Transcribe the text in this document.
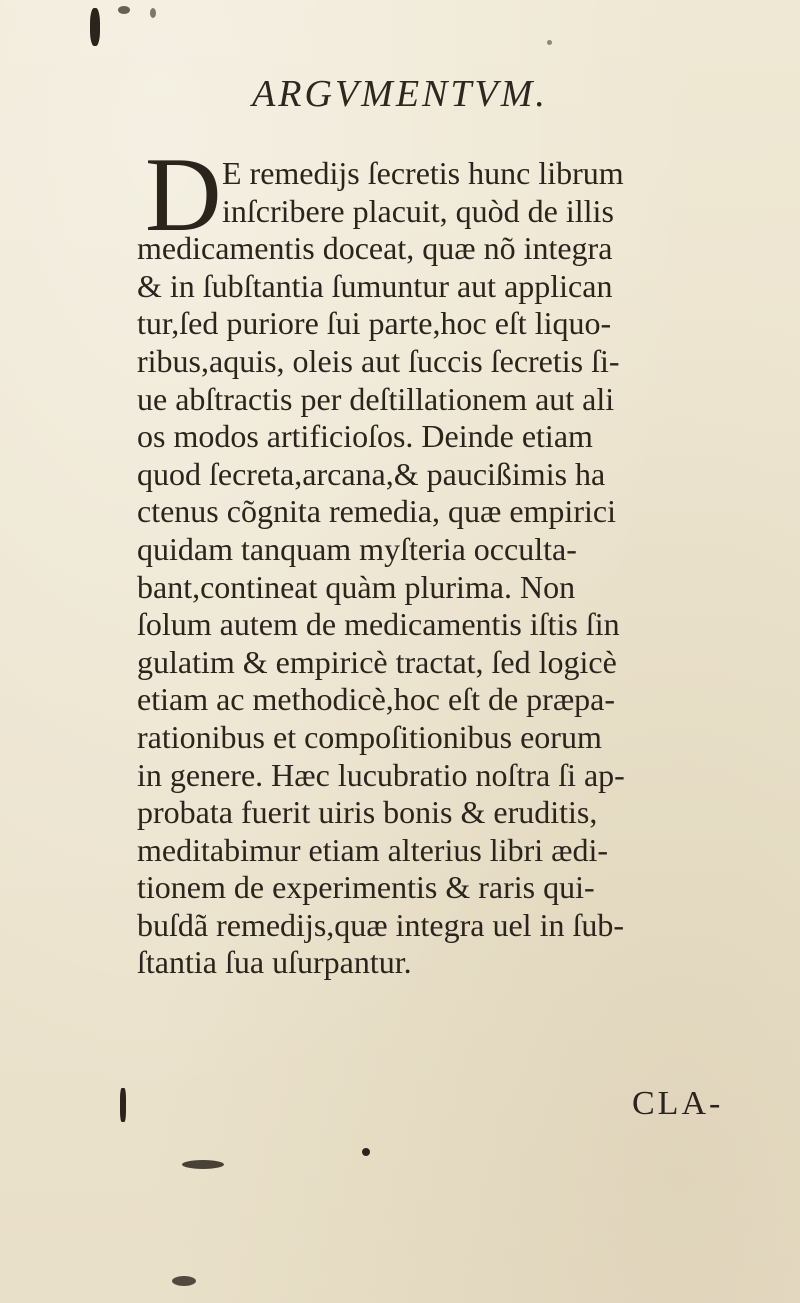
ARGVMENTVM.
D E remedijs ſecretis hunc librum
inſcribere placuit, quòd de illis
medicamentis doceat, quæ nõ integra
& in ſubſtantia ſumuntur aut applican
tur,ſed puriore ſui parte,hoc eſt liquo-
ribus,aquis, oleis aut ſuccis ſecretis ſi-
ue abſtractis per deſtillationem aut ali
os modos artificioſos. Deinde etiam
quod ſecreta,arcana,& paucißimis ha
ctenus cõgnita remedia, quæ empirici
quidam tanquam myſteria occulta-
bant,contineat quàm plurima. Non
ſolum autem de medicamentis iſtis ſin
gulatim & empiricè tractat, ſed logicè
etiam ac methodicè,hoc eſt de præpa-
rationibus et compoſitionibus eorum
in genere. Hæc lucubratio noſtra ſi ap-
probata fuerit uiris bonis & eruditis,
meditabimur etiam alterius libri ædi-
tionem de experimentis & raris qui-
buſdã remedijs,quæ integra uel in ſub-
ſtantia ſua uſurpantur.
CLA-
